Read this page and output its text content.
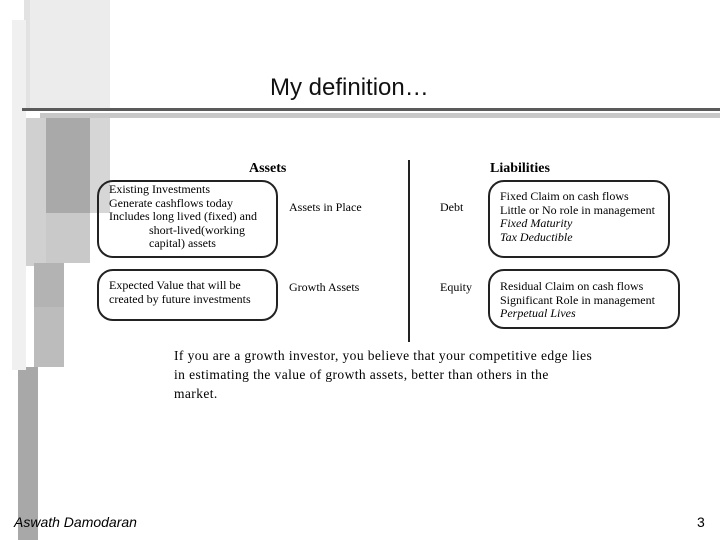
My definition…
Assets	Liabilities
Existing Investments
Generate cashflows today
Includes long lived (fixed) and
short-lived(working
capital) assets
Assets in Place
Expected Value that will be
created by future investments
Growth Assets
Debt
Equity
Fixed Claim on cash flows
Little or No role in management
Fixed Maturity
Tax Deductible
Residual Claim on cash flows
Significant Role in management
Perpetual Lives
If you are a growth investor, you believe that your competitive edge lies in estimating the value of growth assets, better than others in the market.
Aswath Damodaran	3
